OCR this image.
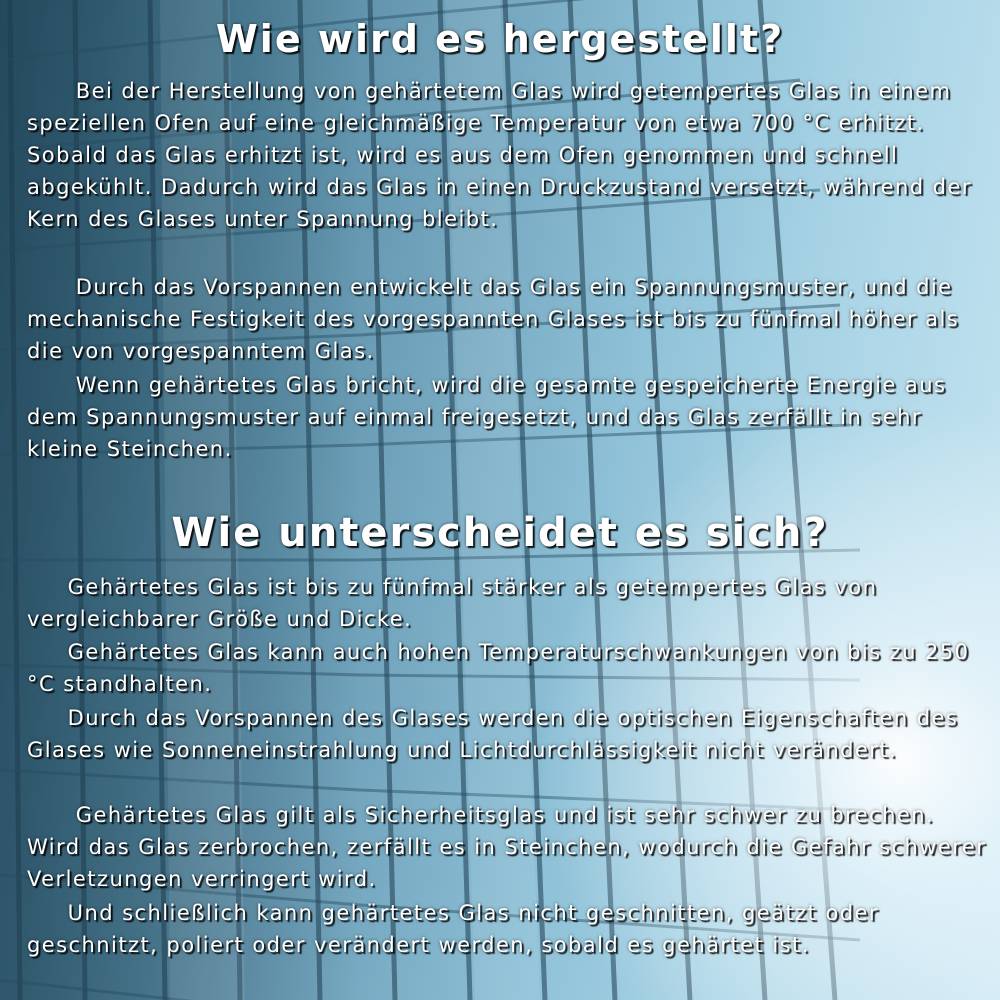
Wie wird es hergestellt?

Bei der Herstellung von gehärtetem Glas wird getempertes Glas in einem speziellen Ofen auf eine gleichmäßige Temperatur von etwa 700 °C erhitzt. Sobald das Glas erhitzt ist, wird es aus dem Ofen genommen und schnell abgekühlt. Dadurch wird das Glas in einen Druckzustand versetzt, während der Kern des Glases unter Spannung bleibt.

Durch das Vorspannen entwickelt das Glas ein Spannungsmuster, und die mechanische Festigkeit des vorgespannten Glases ist bis zu fünfmal höher als die von vorgespanntem Glas.

Wenn gehärtetes Glas bricht, wird die gesamte gespeicherte Energie aus dem Spannungsmuster auf einmal freigesetzt, und das Glas zerfällt in sehr kleine Steinchen.

Wie unterscheidet es sich?

Gehärtetes Glas ist bis zu fünfmal stärker als getempertes Glas von vergleichbarer Größe und Dicke.

Gehärtetes Glas kann auch hohen Temperaturschwankungen von bis zu 250 °C standhalten.

Durch das Vorspannen des Glases werden die optischen Eigenschaften des Glases wie Sonneneinstrahlung und Lichtdurchlässigkeit nicht verändert.

Gehärtetes Glas gilt als Sicherheitsglas und ist sehr schwer zu brechen. Wird das Glas zerbrochen, zerfällt es in Steinchen, wodurch die Gefahr schwerer Verletzungen verringert wird.

Und schließlich kann gehärtetes Glas nicht geschnitten, geätzt oder geschnitzt, poliert oder verändert werden, sobald es gehärtet ist.
